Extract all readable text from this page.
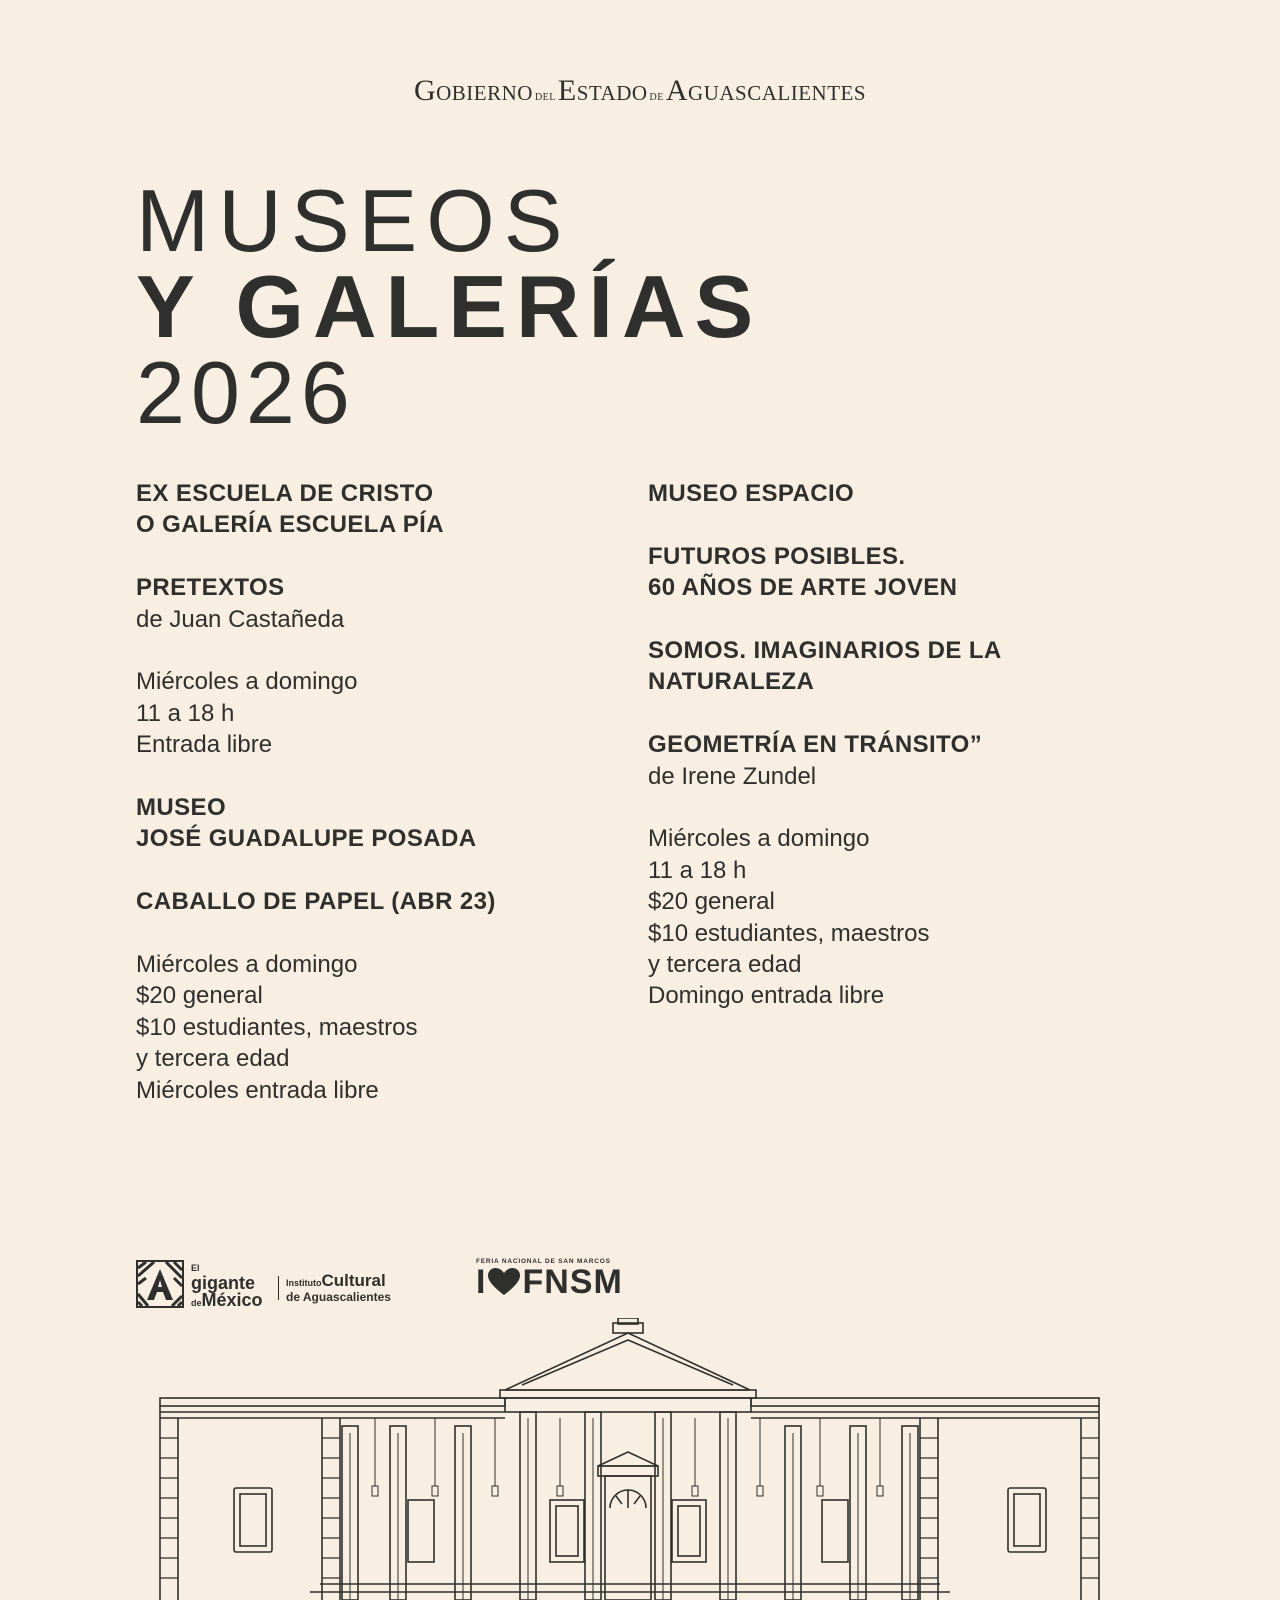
Gobierno delEstado deAguascalientes
MUSEOS
Y GALERÍAS
2026

EX ESCUELA DE CRISTO

O GALERÍA ESCUELA PÍA

PRETEXTOS

de Juan Castañeda

Miércoles a domingo

11 a 18 h

Entrada libre

MUSEO

JOSÉ GUADALUPE POSADA

CABALLO DE PAPEL (ABR 23)

Miércoles a domingo

$20 general

$10 estudiantes, maestros

y tercera edad

Miércoles entrada libre

MUSEO ESPACIO

FUTUROS POSIBLES.

60 AÑOS DE ARTE JOVEN

SOMOS. IMAGINARIOS DE LA

NATURALEZA

GEOMETRÍA EN TRÁNSITO”

de Irene Zundel

Miércoles a domingo

11 a 18 h

$20 general

$10 estudiantes, maestros

y tercera edad

Domingo entrada libre

El
gigante
deMéxico
InstitutoCultural
de Aguascalientes
FERIA NACIONAL DE SAN MARCOS
I FNSM
